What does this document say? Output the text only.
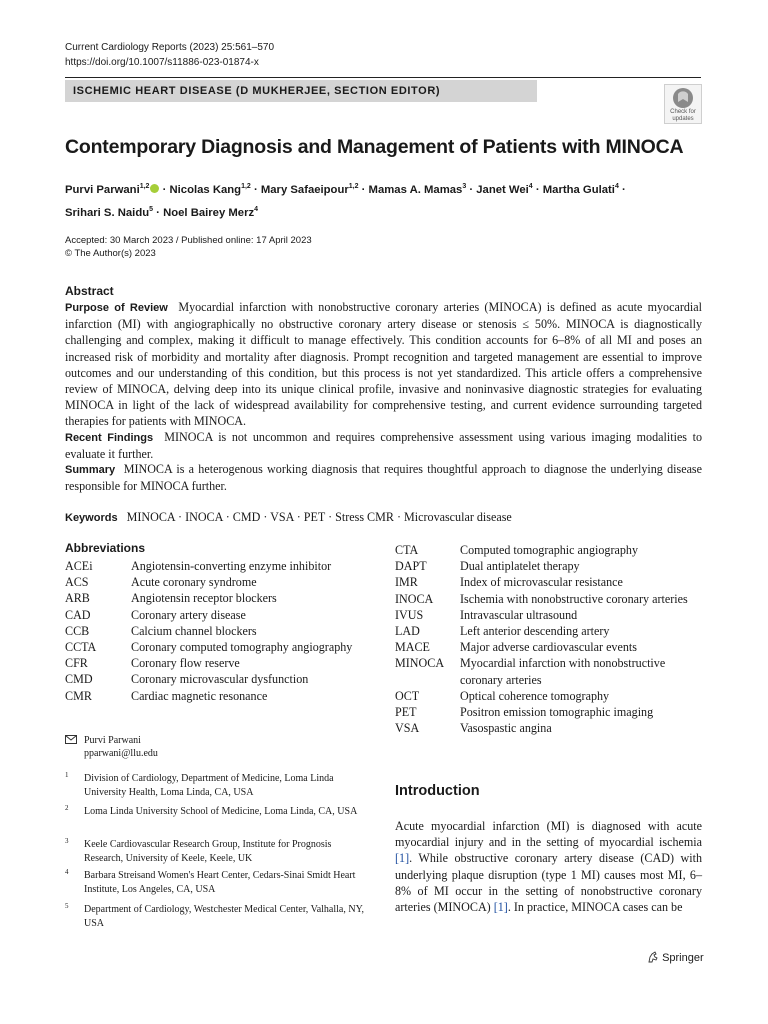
Current Cardiology Reports (2023) 25:561–570
https://doi.org/10.1007/s11886-023-01874-x
ISCHEMIC HEART DISEASE (D MUKHERJEE, SECTION EDITOR)
Check for updates
Contemporary Diagnosis and Management of Patients with MINOCA
Purvi Parwani$^{1,2}$ · Nicolas Kang$^{1,2}$ · Mary Safaeipour$^{1,2}$ · Mamas A. Mamas$^3$ · Janet Wei$^4$ · Martha Gulati$^4$ ·
Srihari S. Naidu$^5$ · Noel Bairey Merz$^4$
Accepted: 30 March 2023 / Published online: 17 April 2023
© The Author(s) 2023
Abstract
Purpose of Review Myocardial infarction with nonobstructive coronary arteries (MINOCA) is defined as acute myocardial infarction (MI) with angiographically no obstructive coronary artery disease or stenosis ≤ 50%. MINOCA is diagnostically challenging and complex, making it difficult to manage effectively. This condition accounts for 6–8% of all MI and poses an increased risk of morbidity and mortality after diagnosis. Prompt recognition and targeted management are essential to improve outcomes and our understanding of this condition, but this process is not yet standardized. This article offers a comprehensive review of MINOCA, delving deep into its unique clinical profile, invasive and noninvasive diagnostic strategies for evaluating MINOCA in light of the lack of widespread availability for comprehensive testing, and current evidence surrounding targeted therapies for patients with MINOCA.
Recent Findings MINOCA is not uncommon and requires comprehensive assessment using various imaging modalities to evaluate it further.
Summary MINOCA is a heterogenous working diagnosis that requires thoughtful approach to diagnose the underlying disease responsible for MINOCA further.
Keywords MINOCA · INOCA · CMD · VSA · PET · Stress CMR · Microvascular disease
Abbreviations
ACEi	Angiotensin-converting enzyme inhibitor
ACS	Acute coronary syndrome
ARB	Angiotensin receptor blockers
CAD	Coronary artery disease
CCB	Calcium channel blockers
CCTA	Coronary computed tomography angiography
CFR	Coronary flow reserve
CMD	Coronary microvascular dysfunction
CMR	Cardiac magnetic resonance
CTA	Computed tomographic angiography
DAPT	Dual antiplatelet therapy
IMR	Index of microvascular resistance
INOCA	Ischemia with nonobstructive coronary arteries
IVUS	Intravascular ultrasound
LAD	Left anterior descending artery
MACE	Major adverse cardiovascular events
MINOCA	Myocardial infarction with nonobstructive coronary arteries
OCT	Optical coherence tomography
PET	Positron emission tomographic imaging
VSA	Vasospastic angina
Purvi Parwani
pparwani@llu.edu
1 Division of Cardiology, Department of Medicine, Loma Linda University Health, Loma Linda, CA, USA
2 Loma Linda University School of Medicine, Loma Linda, CA, USA
3 Keele Cardiovascular Research Group, Institute for Prognosis Research, University of Keele, Keele, UK
4 Barbara Streisand Women's Heart Center, Cedars-Sinai Smidt Heart Institute, Los Angeles, CA, USA
5 Department of Cardiology, Westchester Medical Center, Valhalla, NY, USA
Introduction
Acute myocardial infarction (MI) is diagnosed with acute myocardial injury and in the setting of myocardial ischemia [1]. While obstructive coronary artery disease (CAD) with underlying plaque disruption (type 1 MI) causes most MI, 6–8% of MI occur in the setting of nonobstructive coronary arteries (MINOCA) [1]. In practice, MINOCA cases can be
Springer
